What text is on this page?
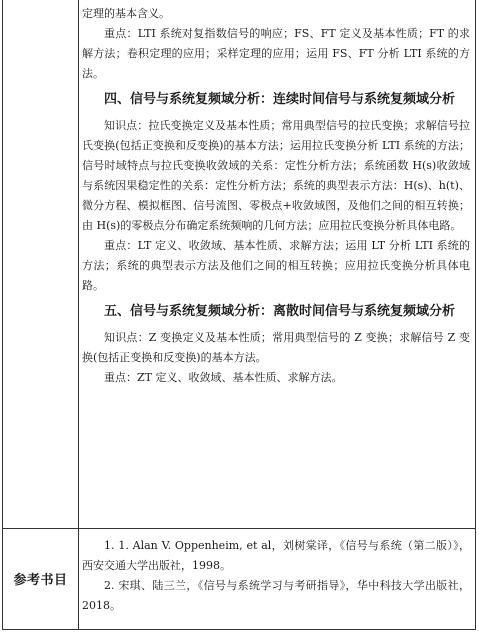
参考书目

定理的基本含义。

重点：LTI 系统对复指数信号的响应；FS、FT 定义及基本性质；FT 的求解方法；卷积定理的应用；采样定理的应用；运用 FS、FT 分析 LTI 系统的方法。

四、信号与系统复频域分析：连续时间信号与系统复频域分析

知识点：拉氏变换定义及基本性质；常用典型信号的拉氏变换；求解信号拉氏变换(包括正变换和反变换)的基本方法；运用拉氏变换分析 LTI 系统的方法；信号时域特点与拉氏变换收敛域的关系：定性分析方法；系统函数 H(s)收敛域与系统因果稳定性的关系：定性分析方法；系统的典型表示方法：H(s)、h(t)、微分方程、模拟框图、信号流图、零极点+收敛域图，及他们之间的相互转换；由 H(s)的零极点分布确定系统频响的几何方法；应用拉氏变换分析具体电路。

重点：LT 定义、收敛域、基本性质、求解方法；运用 LT 分析 LTI 系统的方法；系统的典型表示方法及他们之间的相互转换；应用拉氏变换分析具体电路。

五、信号与系统复频域分析：离散时间信号与系统复频域分析

知识点：Z 变换定义及基本性质；常用典型信号的 Z 变换；求解信号 Z 变换(包括正变换和反变换)的基本方法。

重点：ZT 定义、收敛域、基本性质、求解方法。

1. 1. Alan V. Oppenheim, et al，刘树棠译，《信号与系统（第二版）》，西安交通大学出版社，1998。

2. 宋琪、陆三兰，《信号与系统学习与考研指导》，华中科技大学出版社，2018。
